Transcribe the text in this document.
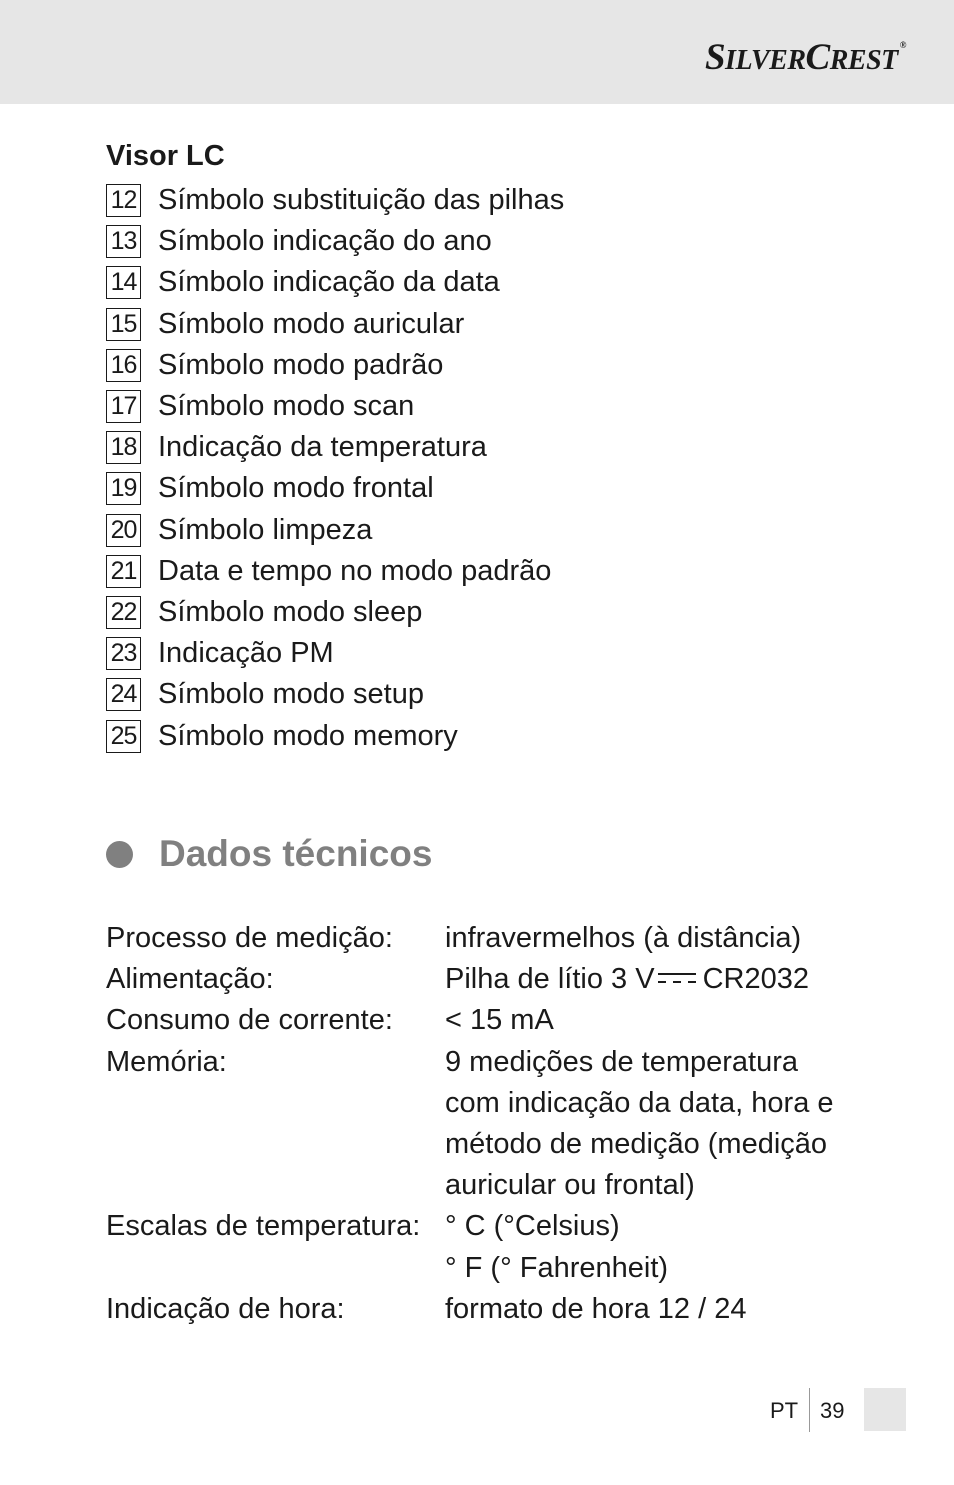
S ILVER C REST ®
Visor LC
12 Símbolo substituição das pilhas
13 Símbolo indicação do ano
14 Símbolo indicação da data
15 Símbolo modo auricular
16 Símbolo modo padrão
17 Símbolo modo scan
18 Indicação da temperatura
19 Símbolo modo frontal
20 Símbolo limpeza
21 Data e tempo no modo padrão
22 Símbolo modo sleep
23 Indicação PM
24 Símbolo modo setup
25 Símbolo modo memory
Dados técnicos
Processo de medição:	infravermelhos (à distância)
Alimentação:	Pilha de lítio 3 V CR2032
Consumo de corrente:	< 15 mA
Memória:	9 medições de temperatura
com indicação da data, hora e
método de medição (medição
auricular ou frontal)
Escalas de temperatura: ° C (°Celsius)
° F (° Fahrenheit)
Indicação de hora:	formato de hora 12 / 24
PT 39
